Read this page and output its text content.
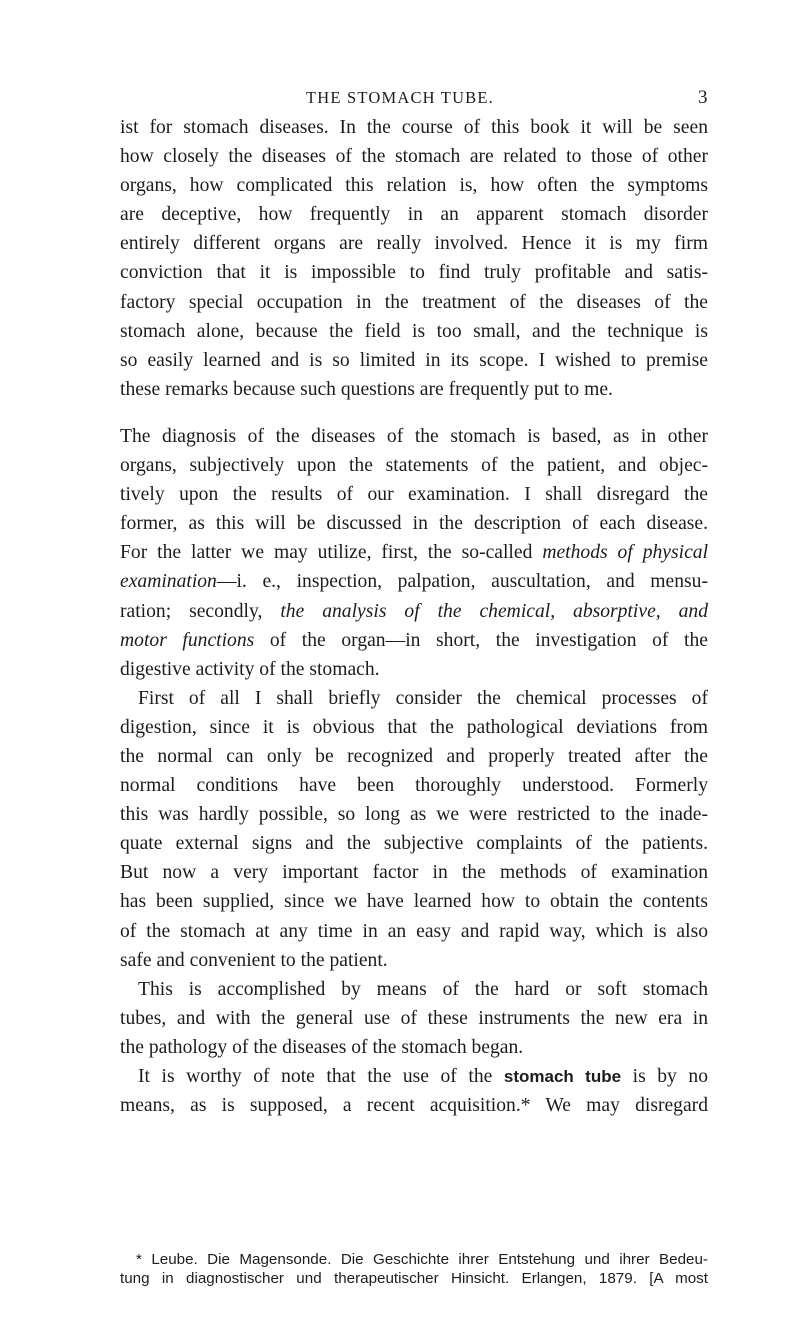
THE STOMACH TUBE.	3

ist for stomach diseases. In the course of this book it will be seen

how closely the diseases of the stomach are related to those of other

organs, how complicated this relation is, how often the symptoms

are deceptive, how frequently in an apparent stomach disorder

entirely different organs are really involved. Hence it is my firm

conviction that it is impossible to find truly profitable and satis-

factory special occupation in the treatment of the diseases of the

stomach alone, because the field is too small, and the technique is

so easily learned and is so limited in its scope. I wished to premise

these remarks because such questions are frequently put to me.

The diagnosis of the diseases of the stomach is based, as in other

organs, subjectively upon the statements of the patient, and objec-

tively upon the results of our examination. I shall disregard the

former, as this will be discussed in the description of each disease.

For the latter we may utilize, first, the so-called methods of physical

examination—i. e., inspection, palpation, auscultation, and mensu-

ration; secondly, the analysis of the chemical, absorptive, and

motor functions of the organ—in short, the investigation of the

digestive activity of the stomach.

First of all I shall briefly consider the chemical processes of

digestion, since it is obvious that the pathological deviations from

the normal can only be recognized and properly treated after the

normal conditions have been thoroughly understood. Formerly

this was hardly possible, so long as we were restricted to the inade-

quate external signs and the subjective complaints of the patients.

But now a very important factor in the methods of examination

has been supplied, since we have learned how to obtain the contents

of the stomach at any time in an easy and rapid way, which is also

safe and convenient to the patient.

This is accomplished by means of the hard or soft stomach

tubes, and with the general use of these instruments the new era in

the pathology of the diseases of the stomach began.

It is worthy of note that the use of the stomach tube is by no

means, as is supposed, a recent acquisition.* We may disregard

* Leube. Die Magensonde. Die Geschichte ihrer Entstehung und ihrer Bedeu-

tung in diagnostischer und therapeutischer Hinsicht. Erlangen, 1879. [A most
